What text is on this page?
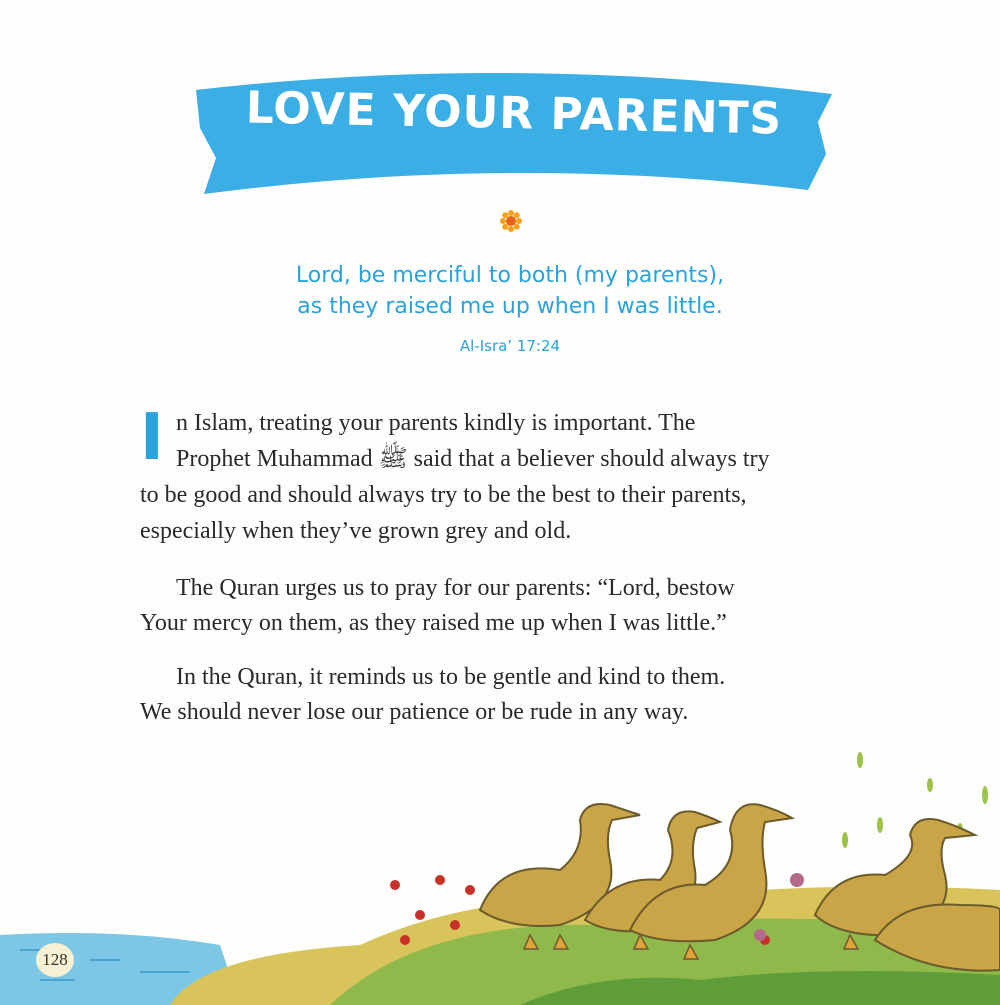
LOVE YOUR PARENTS
Lord, be merciful to both (my parents),
as they raised me up when I was little.
Al-Isra’ 17:24
I n Islam, treating your parents kindly is important. The
Prophet Muhammad ﷺ said that a believer should always try
to be good and should always try to be the best to their parents,
especially when they’ve grown grey and old.
The Quran urges us to pray for our parents: “Lord, bestow
Your mercy on them, as they raised me up when I was little.”
In the Quran, it reminds us to be gentle and kind to them.
We should never lose our patience or be rude in any way.
128
